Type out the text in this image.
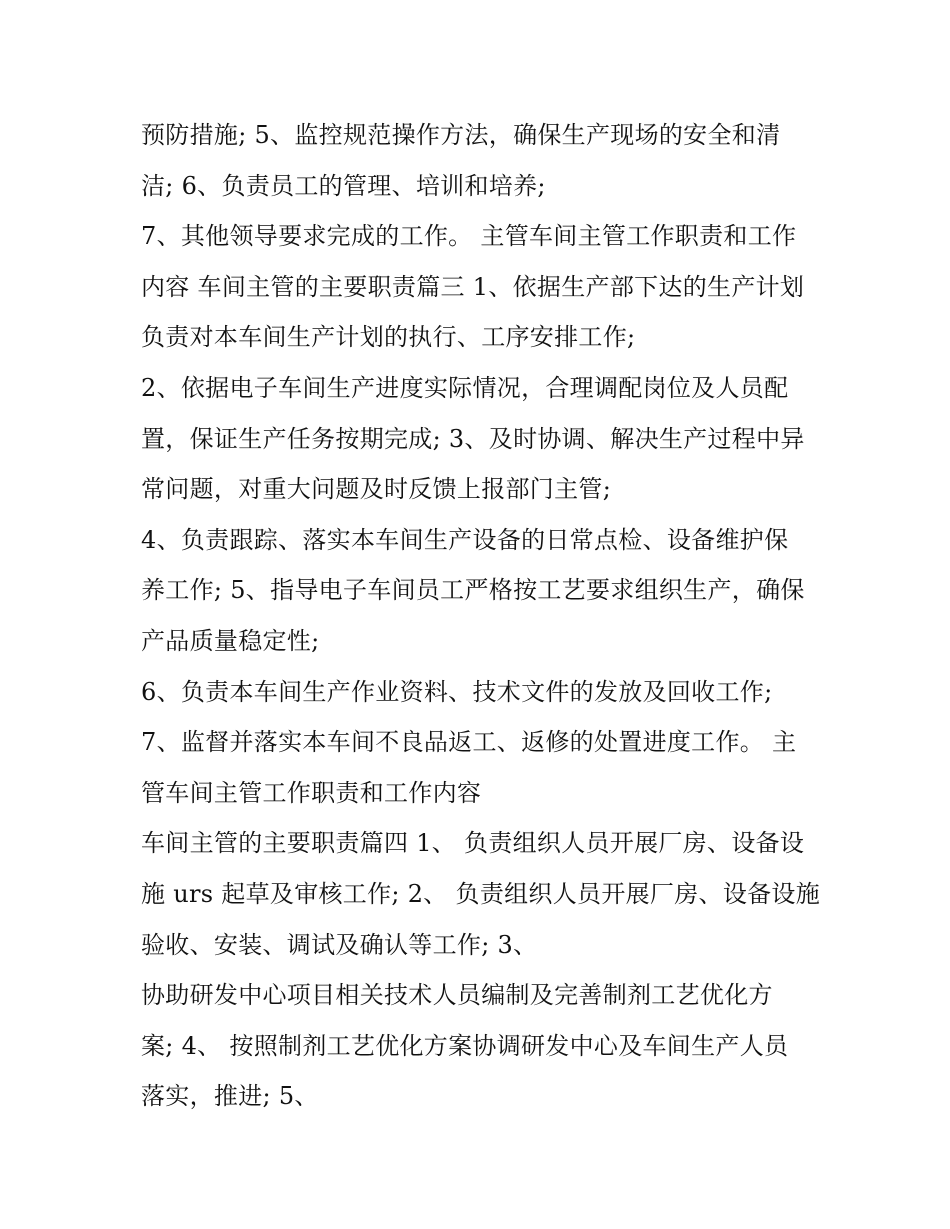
预防措施; 5、监控规范操作方法，确保生产现场的安全和清
洁; 6、负责员工的管理、培训和培养;
7、其他领导要求完成的工作。 主管车间主管工作职责和工作
内容 车间主管的主要职责篇三 1、依据生产部下达的生产计划
负责对本车间生产计划的执行、工序安排工作;
2、依据电子车间生产进度实际情况，合理调配岗位及人员配
置，保证生产任务按期完成; 3、及时协调、解决生产过程中异
常问题，对重大问题及时反馈上报部门主管;
4、负责跟踪、落实本车间生产设备的日常点检、设备维护保
养工作; 5、指导电子车间员工严格按工艺要求组织生产，确保
产品质量稳定性;
6、负责本车间生产作业资料、技术文件的发放及回收工作;
7、监督并落实本车间不良品返工、返修的处置进度工作。 主
管车间主管工作职责和工作内容
车间主管的主要职责篇四 1、 负责组织人员开展厂房、设备设
施 urs 起草及审核工作; 2、 负责组织人员开展厂房、设备设施
验收、安装、调试及确认等工作; 3、
协助研发中心项目相关技术人员编制及完善制剂工艺优化方
案; 4、 按照制剂工艺优化方案协调研发中心及车间生产人员
落实，推进; 5、
